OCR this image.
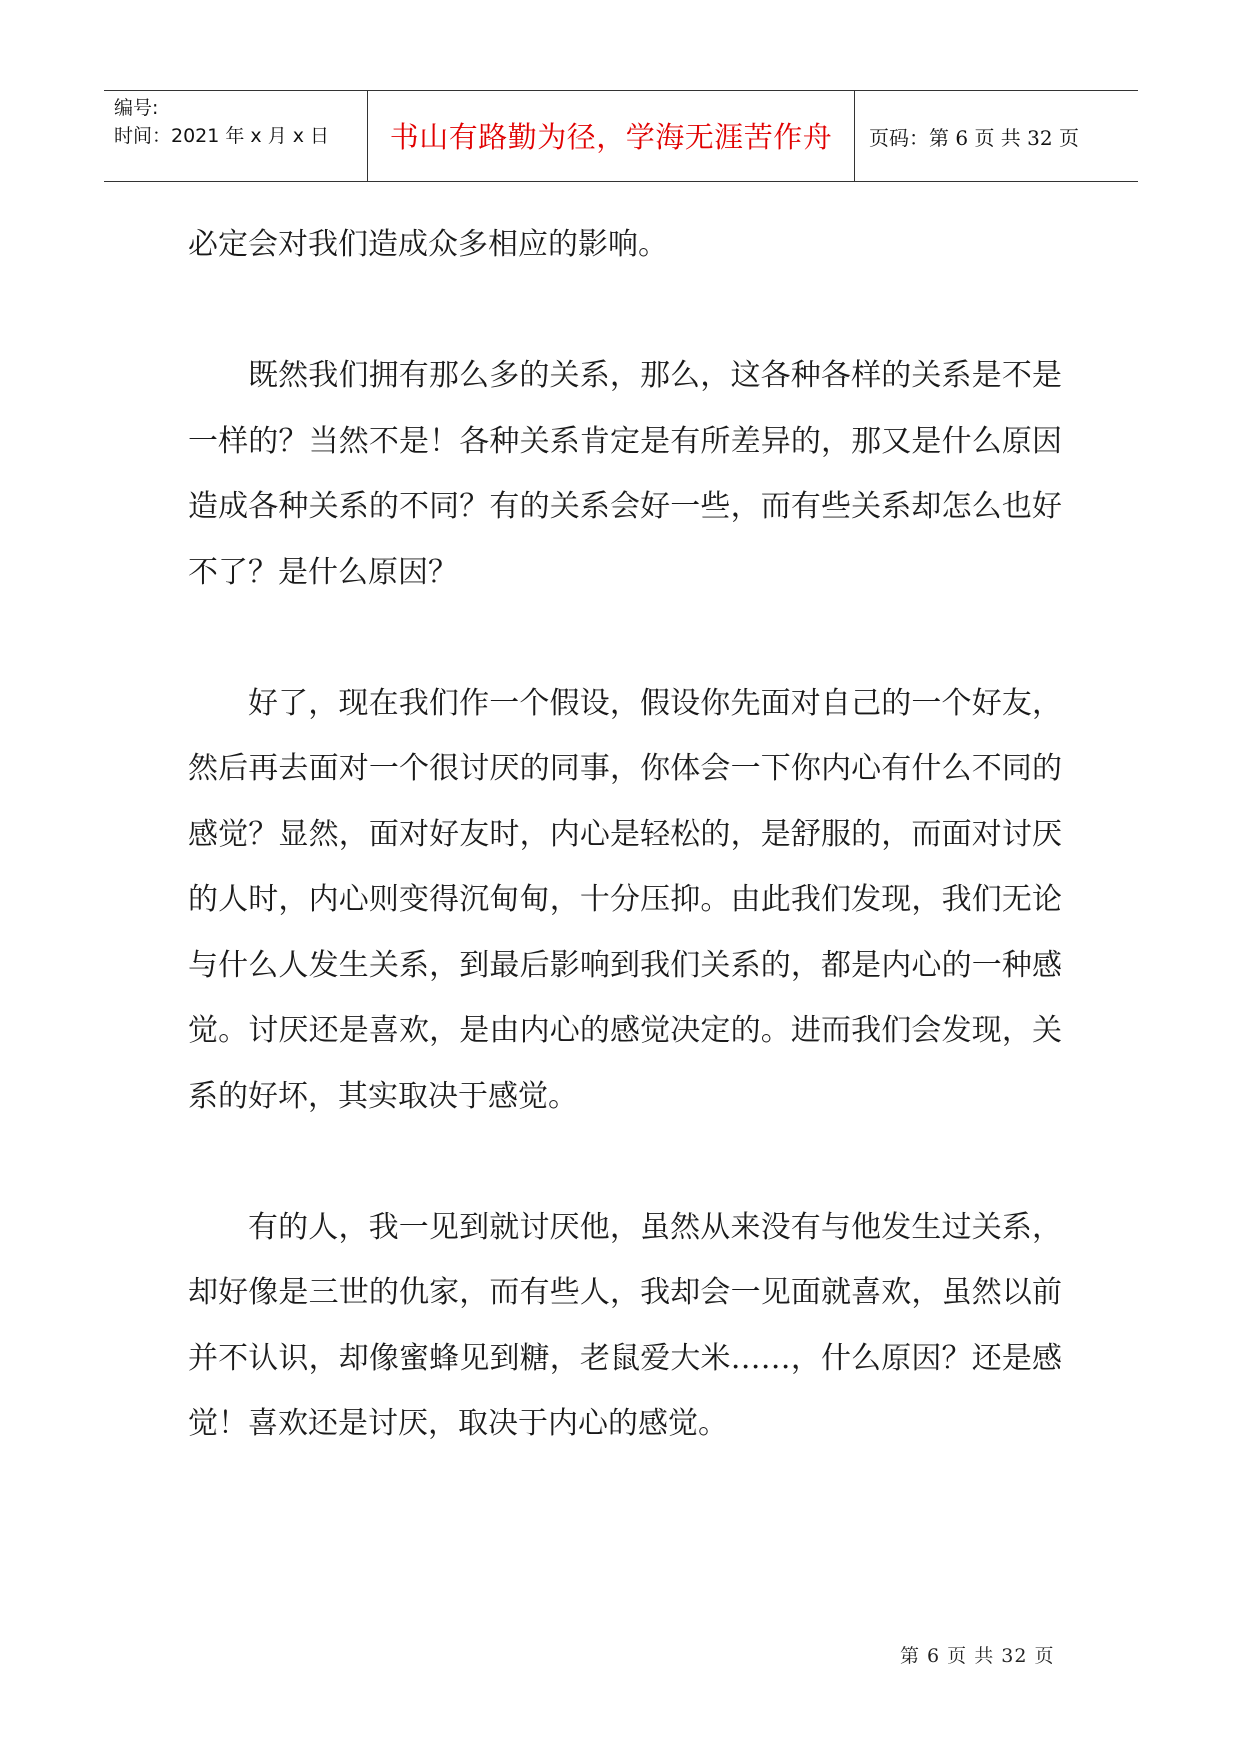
编号:
时间：2021 年 x 月 x 日	书山有路勤为径，学海无涯苦作舟	页码：第 6 页 共 32 页

必定会对我们造成众多相应的影响。

既然我们拥有那么多的关系，那么，这各种各样的关系是不是一样的？当然不是！各种关系肯定是有所差异的，那又是什么原因造成各种关系的不同？有的关系会好一些，而有些关系却怎么也好不了？是什么原因？

好了，现在我们作一个假设，假设你先面对自己的一个好友，然后再去面对一个很讨厌的同事，你体会一下你内心有什么不同的感觉？显然，面对好友时，内心是轻松的，是舒服的，而面对讨厌的人时，内心则变得沉甸甸，十分压抑。由此我们发现，我们无论与什么人发生关系，到最后影响到我们关系的，都是内心的一种感觉。讨厌还是喜欢，是由内心的感觉决定的。进而我们会发现，关系的好坏，其实取决于感觉。

有的人，我一见到就讨厌他，虽然从来没有与他发生过关系，却好像是三世的仇家，而有些人，我却会一见面就喜欢，虽然以前并不认识，却像蜜蜂见到糖，老鼠爱大米……，什么原因？还是感觉！喜欢还是讨厌，取决于内心的感觉。

第 6 页 共 32 页
